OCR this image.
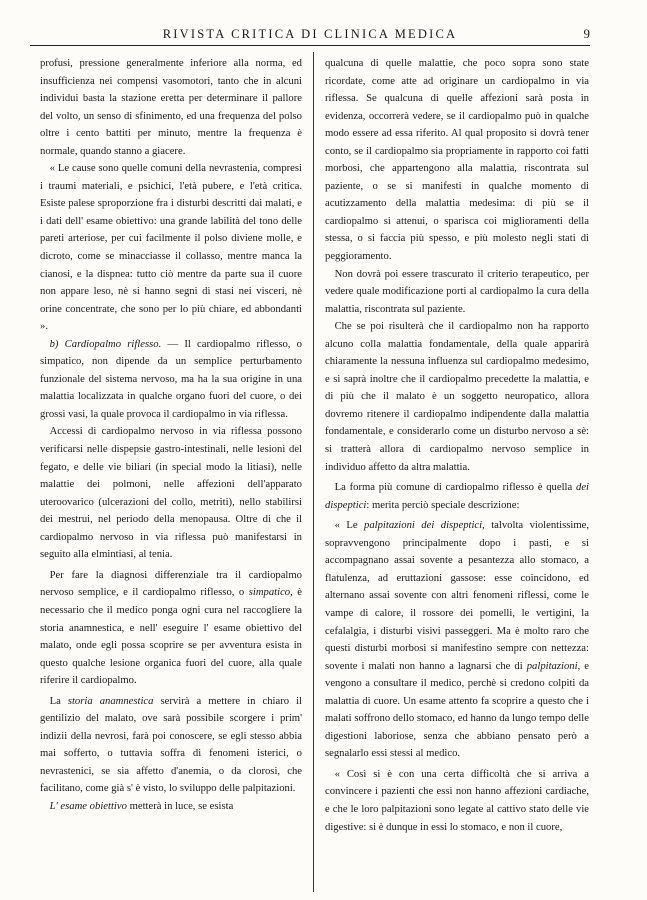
RIVISTA CRITICA DI CLINICA MEDICA	9

profusi, pressione generalmente inferiore alla norma, ed insufficienza nei compensi vasomotori, tanto che in alcuni individui basta la stazione eretta per determinare il pallore del volto, un senso di sfinimento, ed una frequenza del polso oltre i cento battiti per minuto, mentre la frequenza è normale, quando stanno a giacere.

« Le cause sono quelle comuni della nevrastenia, compresi i traumi materiali, e psichici, l'età pubere, e l'età critica. Esiste palese sproporzione fra i disturbi descritti dai malati, e i dati dell' esame obiettivo: una grande labilità del tono delle pareti arteriose, per cui facilmente il polso diviene molle, e dicroto, come se minacciasse il collasso, mentre manca la cianosi, e la dispnea: tutto ciò mentre da parte sua il cuore non appare leso, nè si hanno segni di stasi nei visceri, nè orine concentrate, che sono per lo più chiare, ed abbondanti ».

b) Cardiopalmo riflesso. — Il cardiopalmo riflesso, o simpatico, non dipende da un semplice perturbamento funzionale del sistema nervoso, ma ha la sua origine in una malattia localizzata in qualche organo fuori del cuore, o dei grossi vasi, la quale provoca il cardiopalmo in via riflessa.

Accessi di cardiopalmo nervoso in via riflessa possono verificarsi nelle dispepsie gastro-intestinali, nelle lesioni del fegato, e delle vie biliari (in special modo la litiasi), nelle malattie dei polmoni, nelle affezioni dell'apparato uteroovarico (ulcerazioni del collo, metriti), nello stabilirsi dei mestrui, nel periodo della menopausa. Oltre di che il cardiopalmo nervoso in via riflessa può manifestarsi in seguito alla elmintiasi, al tenia.

Per fare la diagnosi differenziale tra il cardiopalmo nervoso semplice, e il cardiopalmo riflesso, o simpatico, è necessario che il medico ponga ogni cura nel raccogliere la storia anamnestica, e nell' eseguire l' esame obiettivo del malato, onde egli possa scoprire se per avventura esista in questo qualche lesione organica fuori del cuore, alla quale riferire il cardiopalmo.

La storia anamnestica servirà a mettere in chiaro il gentilizio del malato, ove sarà possibile scorgere i prim' indizii della nevrosi, farà poi conoscere, se egli stesso abbia mai sofferto, o tuttavia soffra di fenomeni isterici, o nevrastenici, se sia affetto d'anemia, o da clorosi, che facilitano, come già s' è visto, lo sviluppo delle palpitazioni.

L' esame obiettivo metterà in luce, se esista

qualcuna di quelle malattie, che poco sopra sono state ricordate, come atte ad originare un cardiopalmo in via riflessa. Se qualcuna di quelle affezioni sarà posta in evidenza, occorrerà vedere, se il cardiopalmo può in qualche modo essere ad essa riferito. Al qual proposito si dovrà tener conto, se il cardiopalmo sia propriamente in rapporto coi fatti morbosi, che appartengono alla malattia, riscontrata sul paziente, o se si manifesti in qualche momento di acutizzamento della malattia medesima: di più se il cardiopalmo si attenui, o sparisca coi miglioramenti della stessa, o si faccia più spesso, e più molesto negli stati di peggioramento.

Non dovrà poi essere trascurato il criterio terapeutico, per vedere quale modificazione porti al cardiopalmo la cura della malattia, riscontrata sul paziente.

Che se poi risulterà che il cardiopalmo non ha rapporto alcuno colla malattia fondamentale, della quale apparirà chiaramente la nessuna influenza sul cardiopalmo medesimo, e si saprà inoltre che il cardiopalmo precedette la malattia, e di più che il malato è un soggetto neuropatico, allora dovremo ritenere il cardiopalmo indipendente dalla malattia fondamentale, e considerarlo come un disturbo nervoso a sè: si tratterà allora di cardiopalmo nervoso semplice in individuo affetto da altra malattia.

La forma più comune di cardiopalmo riflesso è quella dei dispeptici: merita perciò speciale descrizione:

« Le palpitazioni dei dispeptici, talvolta violentissime, sopravvengono principalmente dopo i pasti, e si accompagnano assai sovente a pesantezza allo stomaco, a flatulenza, ad eruttazioni gassose: esse coincidono, ed alternano assai sovente con altri fenomeni riflessi, come le vampe di calore, il rossore dei pomelli, le vertigini, la cefalalgia, i disturbi visivi passeggeri. Ma è molto raro che questi disturbi morbosi si manifestino sempre con nettezza: sovente i malati non hanno a lagnarsi che di palpitazioni, e vengono a consultare il medico, perchè si credono colpiti da malattia di cuore. Un esame attento fa scoprire a questo che i malati soffrono dello stomaco, ed hanno da lungo tempo delle digestioni laboriose, senza che abbiano pensato però a segnalarlo essi stessi al medico.

« Così si è con una certa difficoltà che si arriva a convincere i pazienti che essi non hanno affezioni cardiache, e che le loro palpitazioni sono legate al cattivo stato delle vie digestive: si è dunque in essi lo stomaco, e non il cuore,
